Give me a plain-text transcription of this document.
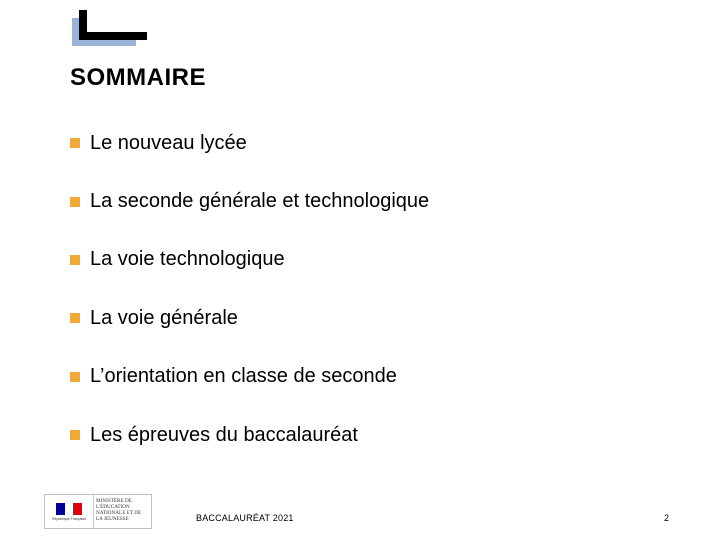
SOMMAIRE
Le nouveau lycée
La seconde générale et technologique
La voie technologique
La voie générale
L’orientation en classe de seconde
Les épreuves du baccalauréat
République Française
MINISTÈRE DE L'ÉDUCATION NATIONALE ET DE LA JEUNESSE	BACCALAURÉAT 2021	2
